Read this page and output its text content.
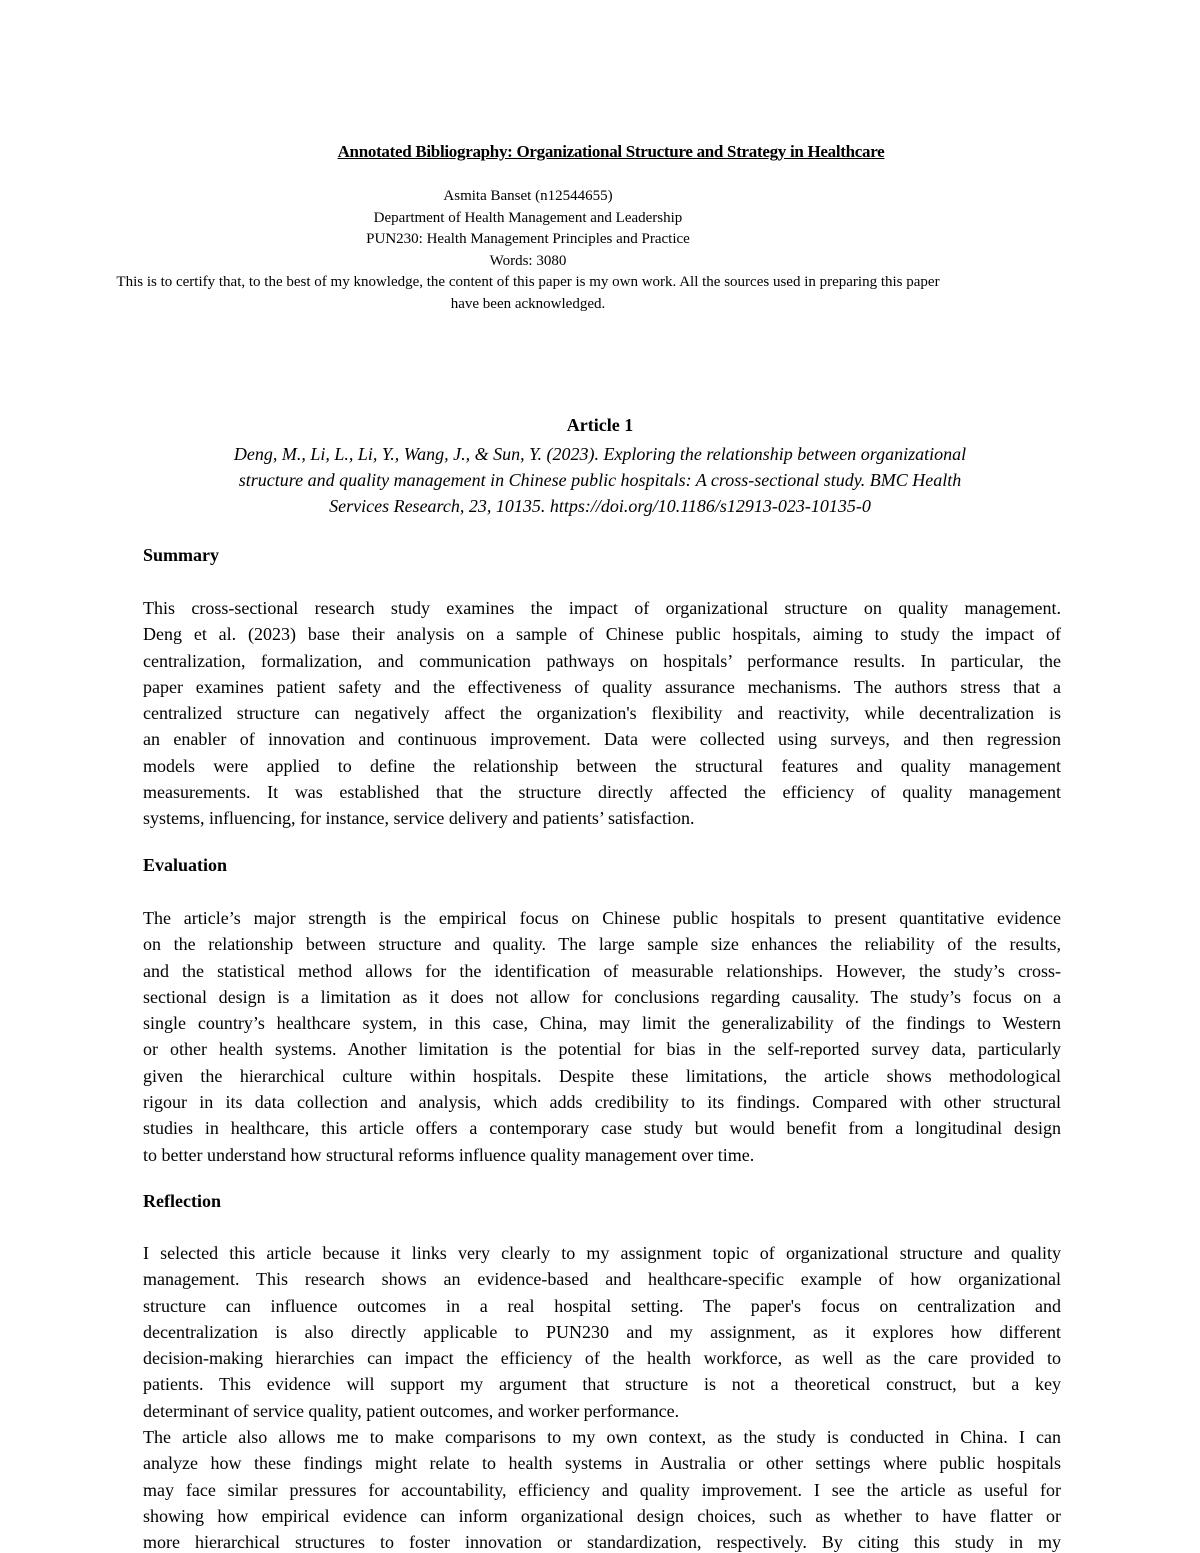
Annotated Bibliography: Organizational Structure and Strategy in Healthcare
Asmita Banset (n12544655)
Department of Health Management and Leadership
PUN230: Health Management Principles and Practice
Words: 3080
This is to certify that, to the best of my knowledge, the content of this paper is my own work. All the sources used in preparing this paper
have been acknowledged.
Article 1
Deng, M., Li, L., Li, Y., Wang, J., & Sun, Y. (2023). Exploring the relationship between organizational
structure and quality management in Chinese public hospitals: A cross-sectional study. BMC Health
Services Research, 23, 10135. https://doi.org/10.1186/s12913-023-10135-0
Summary
This cross-sectional research study examines the impact of organizational structure on quality management.
Deng et al. (2023) base their analysis on a sample of Chinese public hospitals, aiming to study the impact of
centralization, formalization, and communication pathways on hospitals’ performance results. In particular, the
paper examines patient safety and the effectiveness of quality assurance mechanisms. The authors stress that a
centralized structure can negatively affect the organization's flexibility and reactivity, while decentralization is
an enabler of innovation and continuous improvement. Data were collected using surveys, and then regression
models were applied to define the relationship between the structural features and quality management
measurements. It was established that the structure directly affected the efficiency of quality management
systems, influencing, for instance, service delivery and patients’ satisfaction.
Evaluation
The article’s major strength is the empirical focus on Chinese public hospitals to present quantitative evidence
on the relationship between structure and quality. The large sample size enhances the reliability of the results,
and the statistical method allows for the identification of measurable relationships. However, the study’s cross-
sectional design is a limitation as it does not allow for conclusions regarding causality. The study’s focus on a
single country’s healthcare system, in this case, China, may limit the generalizability of the findings to Western
or other health systems. Another limitation is the potential for bias in the self-reported survey data, particularly
given the hierarchical culture within hospitals. Despite these limitations, the article shows methodological
rigour in its data collection and analysis, which adds credibility to its findings. Compared with other structural
studies in healthcare, this article offers a contemporary case study but would benefit from a longitudinal design
to better understand how structural reforms influence quality management over time.
Reflection
I selected this article because it links very clearly to my assignment topic of organizational structure and quality
management. This research shows an evidence-based and healthcare-specific example of how organizational
structure can influence outcomes in a real hospital setting. The paper's focus on centralization and
decentralization is also directly applicable to PUN230 and my assignment, as it explores how different
decision-making hierarchies can impact the efficiency of the health workforce, as well as the care provided to
patients. This evidence will support my argument that structure is not a theoretical construct, but a key
determinant of service quality, patient outcomes, and worker performance.
The article also allows me to make comparisons to my own context, as the study is conducted in China. I can
analyze how these findings might relate to health systems in Australia or other settings where public hospitals
may face similar pressures for accountability, efficiency and quality improvement. I see the article as useful for
showing how empirical evidence can inform organizational design choices, such as whether to have flatter or
more hierarchical structures to foster innovation or standardization, respectively. By citing this study in my
